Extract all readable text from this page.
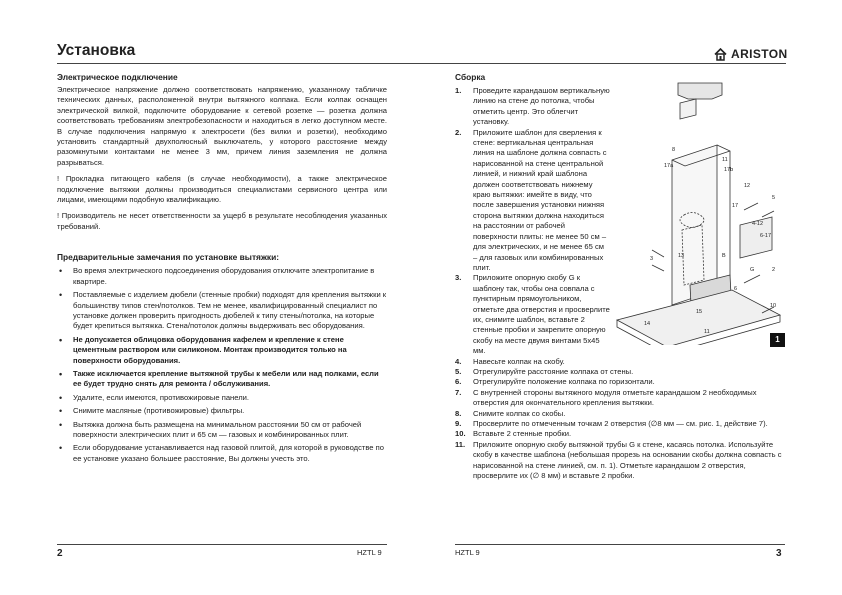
Установка	ARISTON
Электрическое подключение

Электрическое напряжение должно соответствовать напряжению, указанному табличке технических данных, расположенной внутри вытяжного колпака. Если колпак оснащен электрической вилкой, подключите оборудование к сетевой розетке — розетка должна соответствовать требованиям электробезопасности и находиться в легко доступном месте. В случае подключения напрямую к электросети (без вилки и розетки), необходимо установить стандартный двухполюсный выключатель, у которого расстояние между разомкнутыми контактами не менее 3 мм, причем линия заземления не должна разрываться.

! Прокладка питающего кабеля (в случае необходимости), а также электрическое подключение вытяжки должны производиться специалистами сервисного центра или лицами, имеющими подобную квалификацию.

! Производитель не несет ответственности за ущерб в результате несоблюдения указанных требований.

Предварительные замечания по установке вытяжки:
• Во время электрического подсоединения оборудования отключите электропитание в квартире.
• Поставляемые с изделием дюбели (стенные пробки) подходят для крепления вытяжки к большинству типов стен/потолков. Тем не менее, квалифицированный специалист по установке должен проверить пригодность дюбелей к типу стены/потолка, на которые будет крепиться вытяжка. Стена/потолок должны выдерживать вес оборудования.
• Не допускается облицовка оборудования кафелем и крепление к стене цементным раствором или силиконом. Монтаж производится только на поверхности оборудования.
• Также исключается крепление вытяжной трубы к мебели или над полками, если ее будет трудно снять для ремонта / обслуживания.
• Удалите, если имеются, противожировые панели.
• Снимите масляные (противожировые) фильтры.
• Вытяжка должна быть размещена на минимальном расстоянии 50 см от рабочей поверхности электрических плит и 65 см — газовых и комбинированных плит.
• Если оборудование устанавливается над газовой плитой, для которой в руководстве по ее установке указано большее расстояние, Вы должны учесть это.
Сборка
1. Проведите карандашом вертикальную линию на стене до потолка, чтобы отметить центр. Это облегчит установку.
2. Приложите шаблон для сверления к стене: вертикальная центральная линия на шаблоне должна совпасть с нарисованной на стене центральной линией, и нижний край шаблона должен соответствовать нижнему краю вытяжки: имейте в виду, что после завершения установки нижняя сторона вытяжки должна находиться на расстоянии от рабочей поверхности плиты: не менее 50 см – для электрических, и не менее 65 см – для газовых или комбинированных плит.
3. Приложите опорную скобу G к шаблону так, чтобы она совпала с пунктирным прямоугольником, отметьте два отверстия и просверлите их, снимите шаблон, вставьте 2 стенные пробки и закрепите опорную скобу на месте двумя винтами 5x45 мм.
4. Навесьте колпак на скобу.
5. Отрегулируйте расстояние колпака от стены.
6. Отрегулируйте положение колпака по горизонтали.
7. С внутренней стороны вытяжного модуля отметьте карандашом 2 необходимых отверстия для окончательного крепления вытяжки.
8. Снимите колпак со скобы.
9. Просверлите по отмеченным точкам 2 отверстия (∅8 мм — см. рис. 1, действие 7).
10. Вставьте 2 стенные пробки.
11. Приложите опорную скобу вытяжной трубы G к стене, касаясь потолка. Используйте скобу в качестве шаблона (небольшая прорезь на основании скобы должна совпасть с нарисованной на стене линией, см. п. 1). Отметьте карандашом 2 отверстия, просверлите их (∅ 8 мм) и вставьте 2 пробки.
8
11
17a
17b
12
5
4-12
6-17
13	B
3
2
14
15
11
6
G
10
17
1
2	HZTL 9	HZTL 9	3
